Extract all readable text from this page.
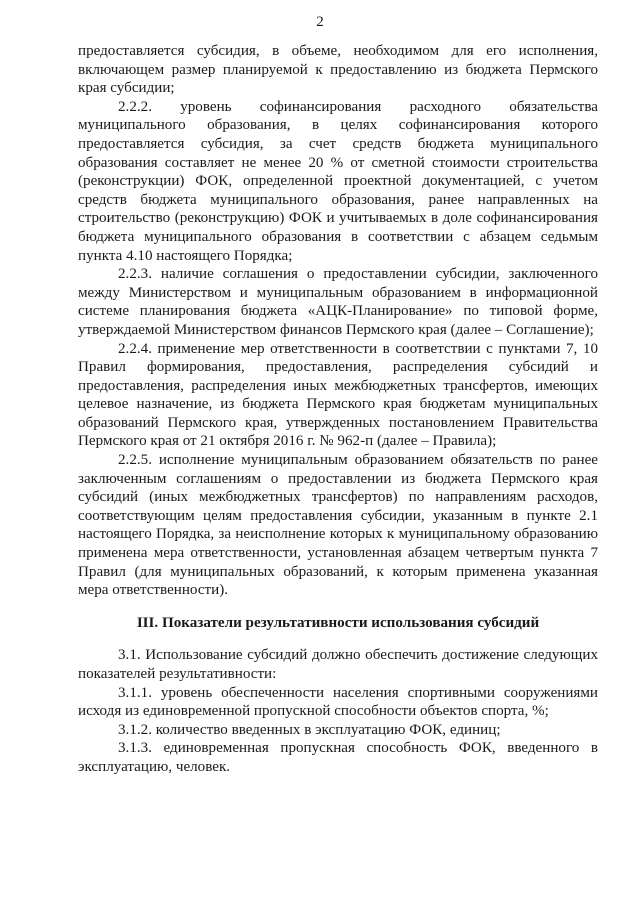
2

предоставляется субсидия, в объеме, необходимом для его исполнения, включающем размер планируемой к предоставлению из бюджета Пермского края субсидии;

2.2.2. уровень софинансирования расходного обязательства муниципального образования, в целях софинансирования которого предоставляется субсидия, за счет средств бюджета муниципального образования составляет не менее 20 % от сметной стоимости строительства (реконструкции) ФОК, определенной проектной документацией, с учетом средств бюджета муниципального образования, ранее направленных на строительство (реконструкцию) ФОК и учитываемых в доле софинансирования бюджета муниципального образования в соответствии с абзацем седьмым пункта 4.10 настоящего Порядка;

2.2.3. наличие соглашения о предоставлении субсидии, заключенного между Министерством и муниципальным образованием в информационной системе планирования бюджета «АЦК-Планирование» по типовой форме, утверждаемой Министерством финансов Пермского края (далее – Соглашение);

2.2.4. применение мер ответственности в соответствии с пунктами 7, 10 Правил формирования, предоставления, распределения субсидий и предоставления, распределения иных межбюджетных трансфертов, имеющих целевое назначение, из бюджета Пермского края бюджетам муниципальных образований Пермского края, утвержденных постановлением Правительства Пермского края от 21 октября 2016 г. № 962-п (далее – Правила);

2.2.5. исполнение муниципальным образованием обязательств по ранее заключенным соглашениям о предоставлении из бюджета Пермского края субсидий (иных межбюджетных трансфертов) по направлениям расходов, соответствующим целям предоставления субсидии, указанным в пункте 2.1 настоящего Порядка, за неисполнение которых к муниципальному образованию применена мера ответственности, установленная абзацем четвертым пункта 7 Правил (для муниципальных образований, к которым применена указанная мера ответственности).

III. Показатели результативности использования субсидий

3.1. Использование субсидий должно обеспечить достижение следующих показателей результативности:

3.1.1. уровень обеспеченности населения спортивными сооружениями исходя из единовременной пропускной способности объектов спорта, %;

3.1.2. количество введенных в эксплуатацию ФОК, единиц;

3.1.3. единовременная пропускная способность ФОК, введенного в эксплуатацию, человек.
